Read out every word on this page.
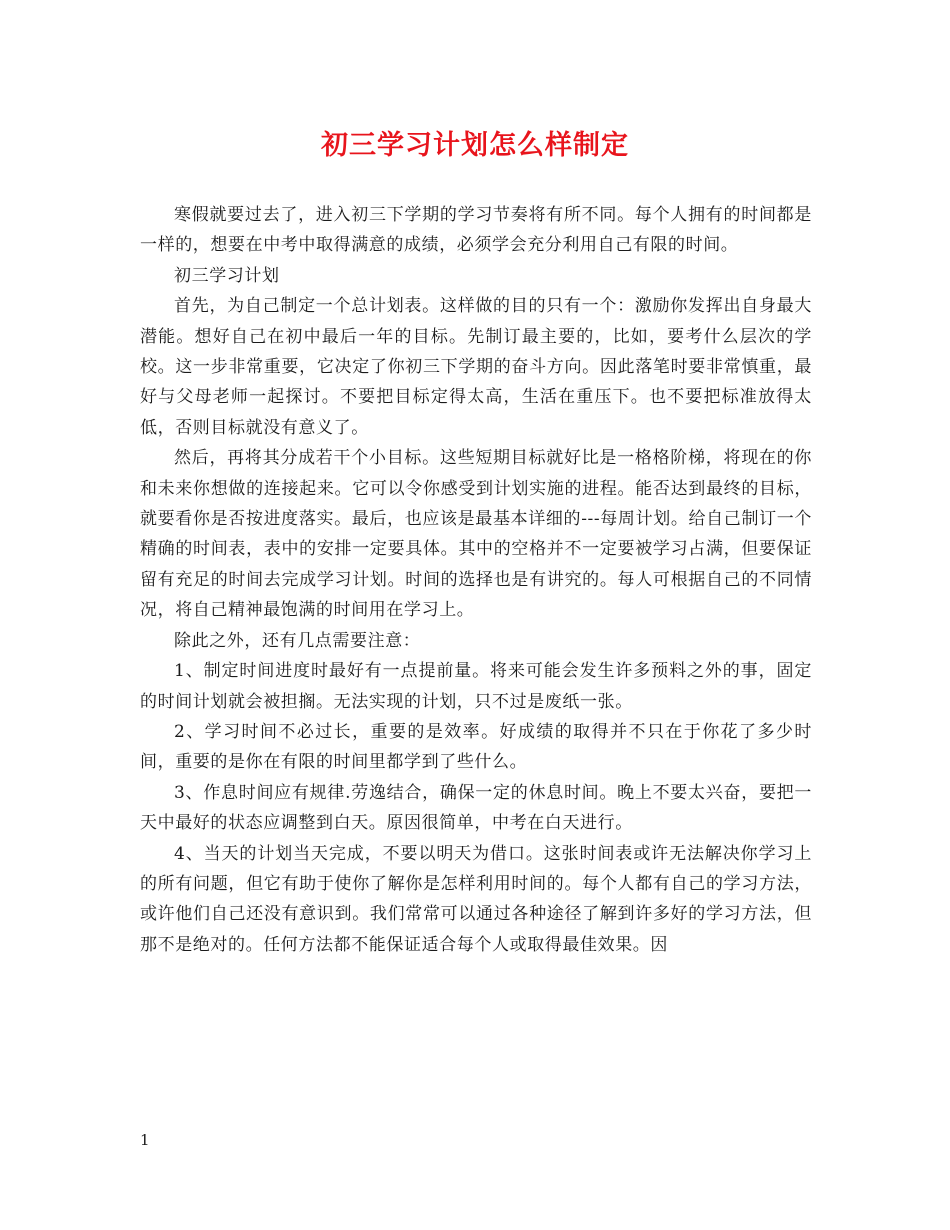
初三学习计划怎么样制定

寒假就要过去了，进入初三下学期的学习节奏将有所不同。每个人拥有的时间都是一样的，想要在中考中取得满意的成绩，必须学会充分利用自己有限的时间。

初三学习计划

首先，为自己制定一个总计划表。这样做的目的只有一个：激励你发挥出自身最大潜能。想好自己在初中最后一年的目标。先制订最主要的，比如，要考什么层次的学校。这一步非常重要，它决定了你初三下学期的奋斗方向。因此落笔时要非常慎重，最好与父母老师一起探讨。不要把目标定得太高，生活在重压下。也不要把标准放得太低，否则目标就没有意义了。

然后，再将其分成若干个小目标。这些短期目标就好比是一格格阶梯，将现在的你和未来你想做的连接起来。它可以令你感受到计划实施的进程。能否达到最终的目标，就要看你是否按进度落实。最后，也应该是最基本详细的---每周计划。给自己制订一个精确的时间表，表中的安排一定要具体。其中的空格并不一定要被学习占满，但要保证留有充足的时间去完成学习计划。时间的选择也是有讲究的。每人可根据自己的不同情况，将自己精神最饱满的时间用在学习上。

除此之外，还有几点需要注意：

1、制定时间进度时最好有一点提前量。将来可能会发生许多预料之外的事，固定的时间计划就会被担搁。无法实现的计划，只不过是废纸一张。

2、学习时间不必过长，重要的是效率。好成绩的取得并不只在于你花了多少时间，重要的是你在有限的时间里都学到了些什么。

3、作息时间应有规律.劳逸结合，确保一定的休息时间。晚上不要太兴奋，要把一天中最好的状态应调整到白天。原因很简单，中考在白天进行。

4、当天的计划当天完成，不要以明天为借口。这张时间表或许无法解决你学习上的所有问题，但它有助于使你了解你是怎样利用时间的。每个人都有自己的学习方法，或许他们自己还没有意识到。我们常常可以通过各种途径了解到许多好的学习方法，但那不是绝对的。任何方法都不能保证适合每个人或取得最佳效果。因

1
